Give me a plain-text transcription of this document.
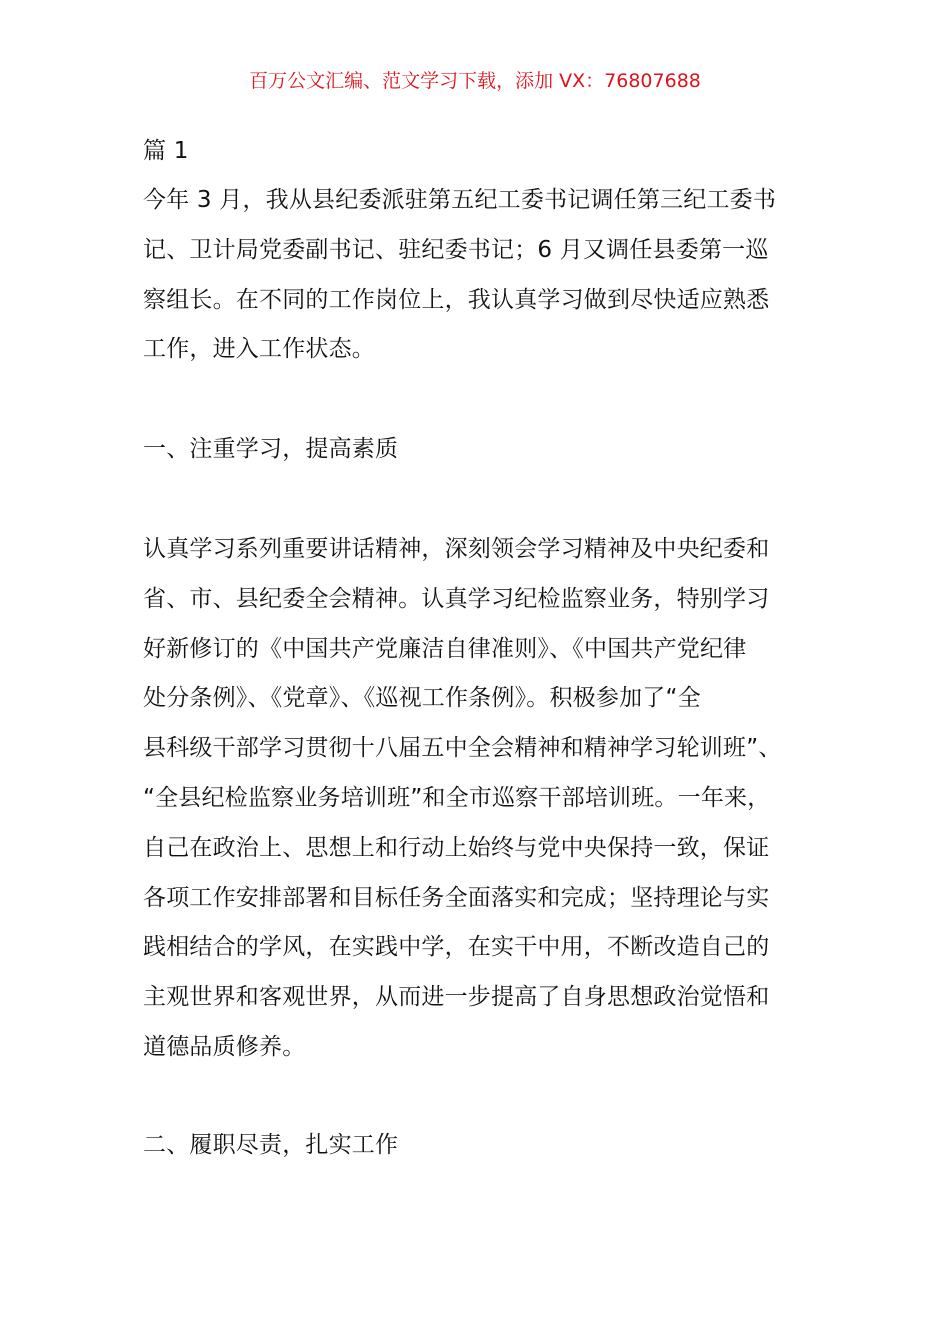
百万公文汇编、范文学习下载，添加 VX：76807688
篇 1
今年 3 月，我从县纪委派驻第五纪工委书记调任第三纪工委书
记、卫计局党委副书记、驻纪委书记；6 月又调任县委第一巡
察组长。在不同的工作岗位上，我认真学习做到尽快适应熟悉
工作，进入工作状态。
一、注重学习，提高素质
认真学习系列重要讲话精神，深刻领会学习精神及中央纪委和
省、市、县纪委全会精神。认真学习纪检监察业务，特别学习
好新修订的《中国共产党廉洁自律准则》、《中国共产党纪律
处分条例》、《党章》、《巡视工作条例》。积极参加了“全
县科级干部学习贯彻十八届五中全会精神和精神学习轮训班”、
“全县纪检监察业务培训班”和全市巡察干部培训班。一年来，
自己在政治上、思想上和行动上始终与党中央保持一致，保证
各项工作安排部署和目标任务全面落实和完成；坚持理论与实
践相结合的学风，在实践中学，在实干中用，不断改造自己的
主观世界和客观世界，从而进一步提高了自身思想政治觉悟和
道德品质修养。
二、履职尽责，扎实工作
